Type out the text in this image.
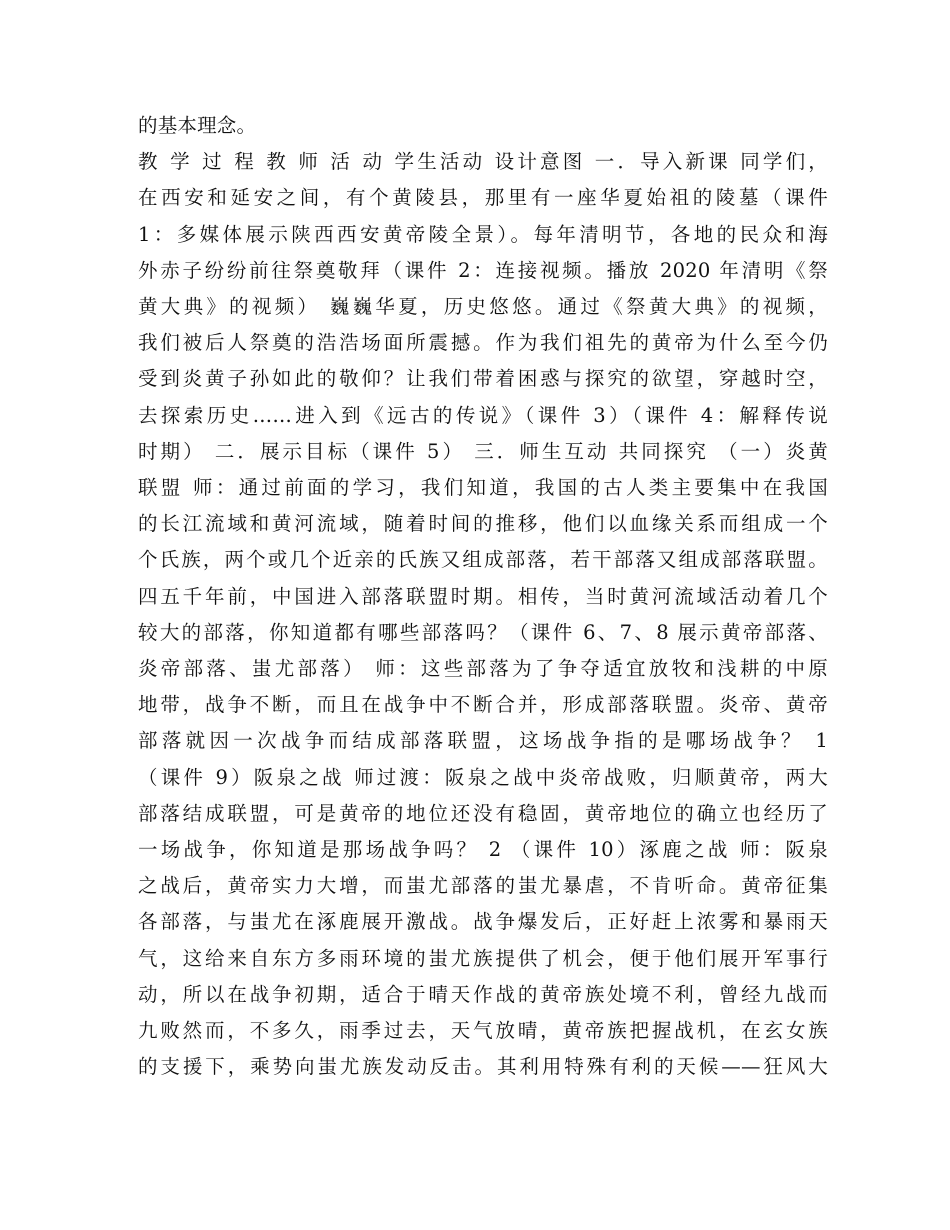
的基本理念。
教 学 过 程 教 师 活 动 学生活动 设计意图 一．导入新课 同学们，
在西安和延安之间，有个黄陵县，那里有一座华夏始祖的陵墓（课件
1：多媒体展示陕西西安黄帝陵全景）。每年清明节，各地的民众和海
外赤子纷纷前往祭奠敬拜（课件 2：连接视频。播放 2020 年清明《祭
黄大典》的视频） 巍巍华夏，历史悠悠。通过《祭黄大典》的视频，
我们被后人祭奠的浩浩场面所震撼。作为我们祖先的黄帝为什么至今仍
受到炎黄子孙如此的敬仰？让我们带着困惑与探究的欲望，穿越时空，
去探索历史……进入到《远古的传说》（课件 3）（课件 4：解释传说
时期） 二．展示目标（课件 5） 三．师生互动 共同探究 （一）炎黄
联盟 师：通过前面的学习，我们知道，我国的古人类主要集中在我国
的长江流域和黄河流域，随着时间的推移，他们以血缘关系而组成一个
个氏族，两个或几个近亲的氏族又组成部落，若干部落又组成部落联盟。
四五千年前，中国进入部落联盟时期。相传，当时黄河流域活动着几个
较大的部落，你知道都有哪些部落吗？（课件 6、7、8 展示黄帝部落、
炎帝部落、蚩尤部落） 师：这些部落为了争夺适宜放牧和浅耕的中原
地带，战争不断，而且在战争中不断合并，形成部落联盟。炎帝、黄帝
部落就因一次战争而结成部落联盟，这场战争指的是哪场战争？ 1
（课件 9）阪泉之战 师过渡：阪泉之战中炎帝战败，归顺黄帝，两大
部落结成联盟，可是黄帝的地位还没有稳固，黄帝地位的确立也经历了
一场战争，你知道是那场战争吗？ 2 （课件 10）涿鹿之战 师：阪泉
之战后，黄帝实力大增，而蚩尤部落的蚩尤暴虐，不肯听命。黄帝征集
各部落，与蚩尤在涿鹿展开激战。战争爆发后，正好赶上浓雾和暴雨天
气，这给来自东方多雨环境的蚩尤族提供了机会，便于他们展开军事行
动，所以在战争初期，适合于晴天作战的黄帝族处境不利，曾经九战而
九败然而，不多久，雨季过去，天气放晴，黄帝族把握战机，在玄女族
的支援下，乘势向蚩尤族发动反击。其利用特殊有利的天候——狂风大
